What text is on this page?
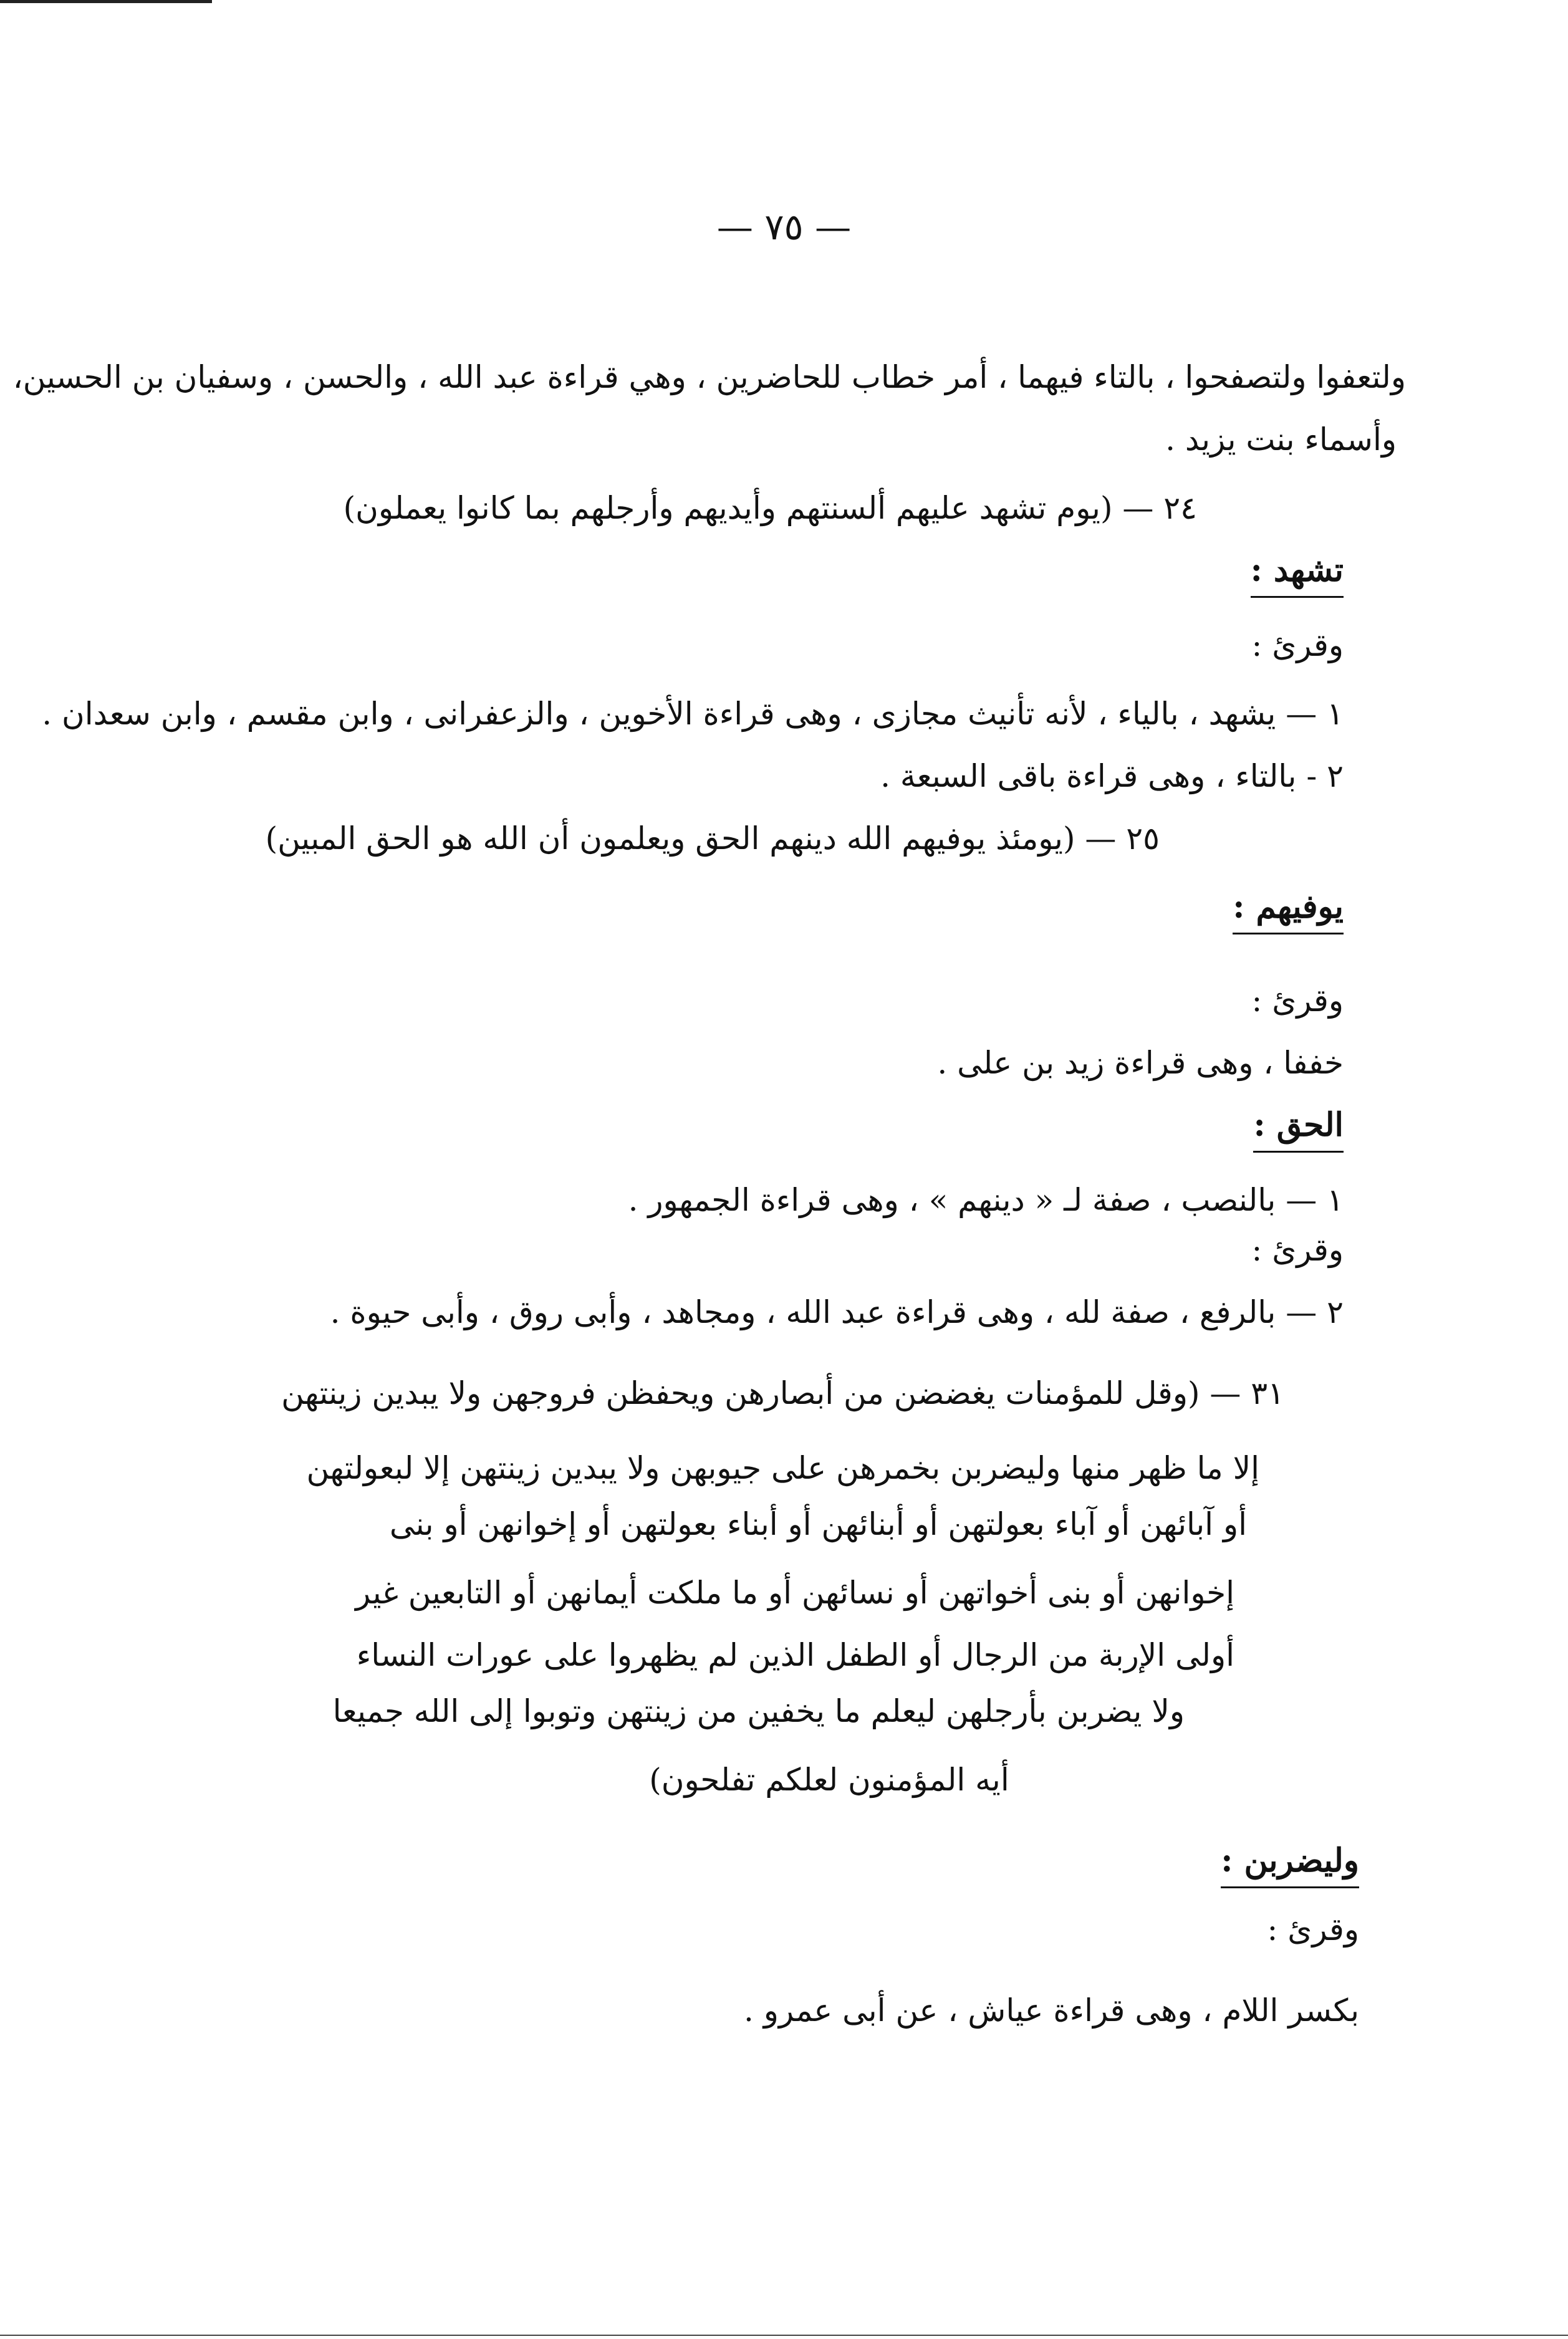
— ٧٥ —
ولتعفوا ولتصفحوا ، بالتاء فيهما ، أمر خطاب للحاضرين ، وهي قراءة عبد الله ، والحسن ، وسفيان بن الحسين،
وأسماء بنت يزيد .
٢٤ — (يوم تشهد عليهم ألسنتهم وأيديهم وأرجلهم بما كانوا يعملون)
تشهد :
وقرئ :
١ — يشهد ، بالياء ، لأنه تأنيث مجازى ، وهى قراءة الأخوين ، والزعفرانى ، وابن مقسم ، وابن سعدان .
٢ - بالتاء ، وهى قراءة باقى السبعة .
٢٥ — (يومئذ يوفيهم الله دينهم الحق ويعلمون أن الله هو الحق المبين)
يوفيهم :
وقرئ :
خففا ، وهى قراءة زيد بن على .
الحق :
١ — بالنصب ، صفة لـ « دينهم » ، وهى قراءة الجمهور .
وقرئ :
٢ — بالرفع ، صفة لله ، وهى قراءة عبد الله ، ومجاهد ، وأبى روق ، وأبى حيوة .
٣١ — (وقل للمؤمنات يغضضن من أبصارهن ويحفظن فروجهن ولا يبدين زينتهن
إلا ما ظهر منها وليضربن بخمرهن على جيوبهن ولا يبدين زينتهن إلا لبعولتهن
أو آبائهن أو آباء بعولتهن أو أبنائهن أو أبناء بعولتهن أو إخوانهن أو بنى
إخوانهن أو بنى أخواتهن أو نسائهن أو ما ملكت أيمانهن أو التابعين غير
أولى الإربة من الرجال أو الطفل الذين لم يظهروا على عورات النساء
ولا يضربن بأرجلهن ليعلم ما يخفين من زينتهن وتوبوا إلى الله جميعا
أيه المؤمنون لعلكم تفلحون)
وليضربن :
وقرئ :
بكسر اللام ، وهى قراءة عياش ، عن أبى عمرو .
